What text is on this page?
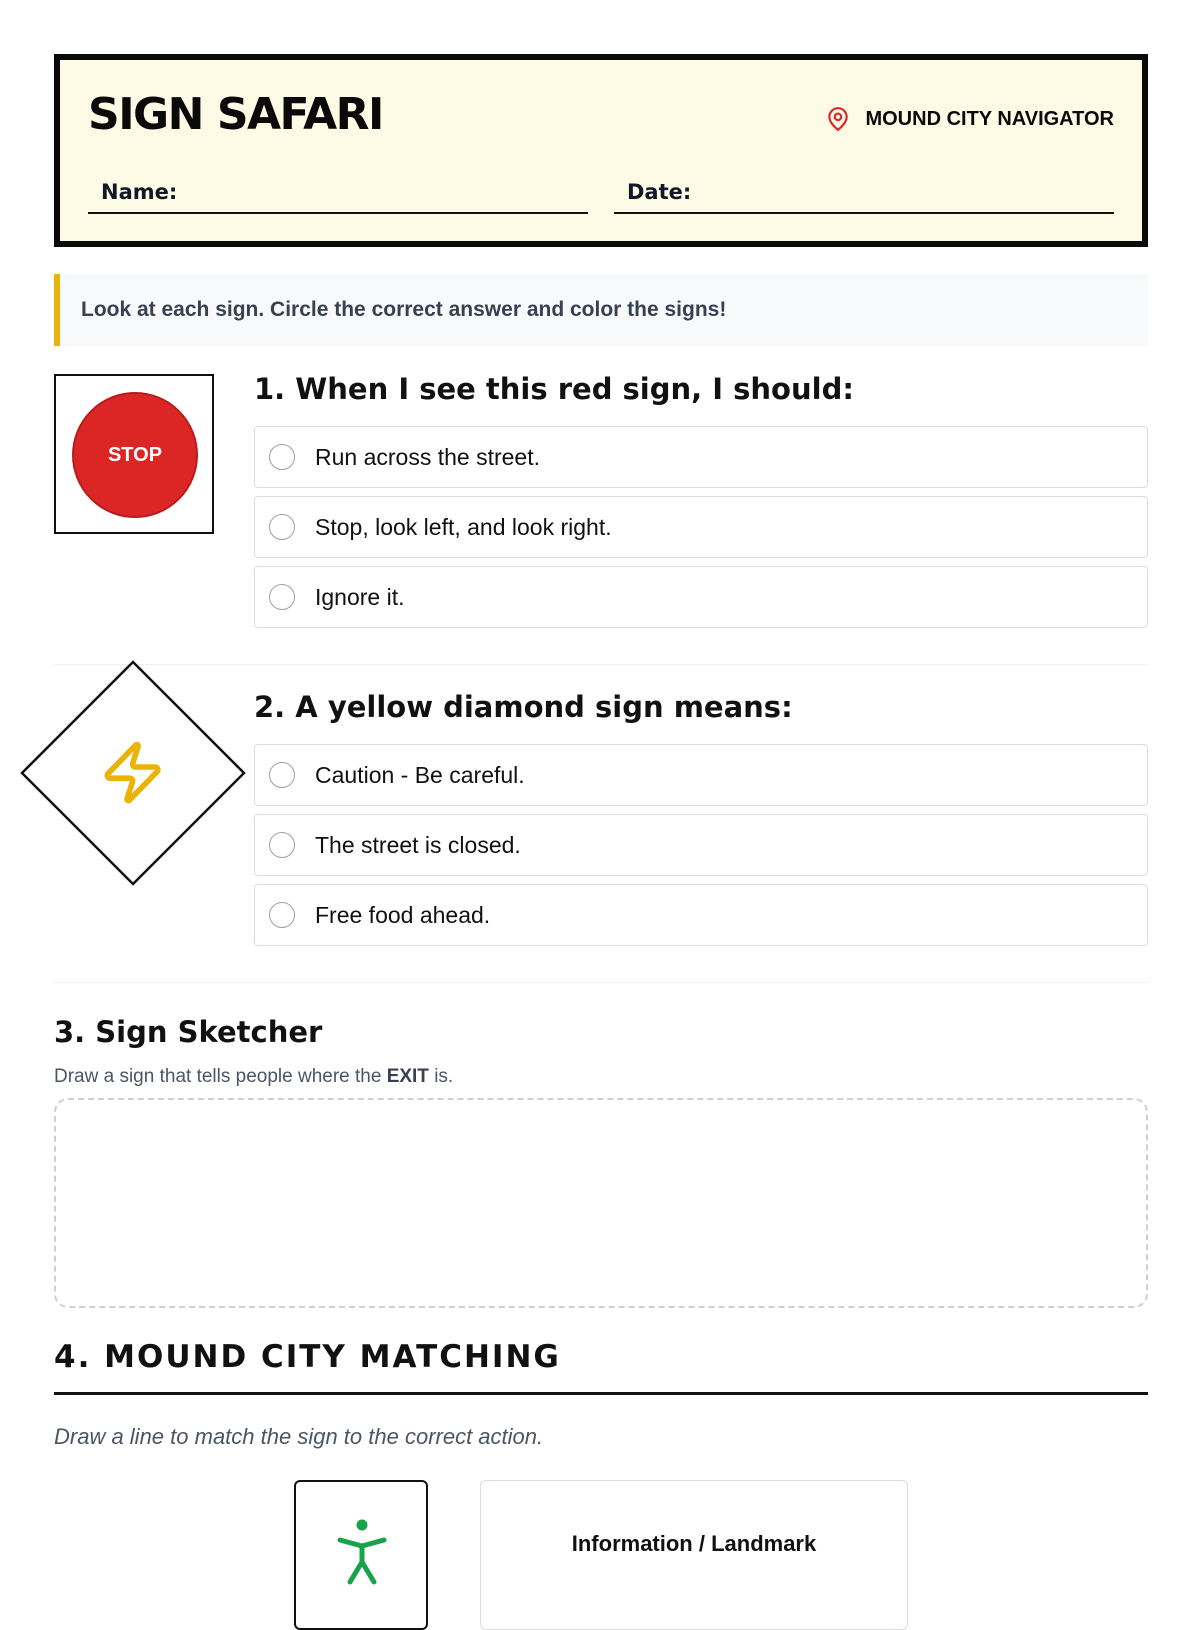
SIGN SAFARI	MOUND CITY NAVIGATOR
Name:	Date:
Look at each sign. Circle the correct answer and color the signs!
STOP
1. When I see this red sign, I should:
Run across the street.
Stop, look left, and look right.
Ignore it.
2. A yellow diamond sign means:
Caution - Be careful.
The street is closed.
Free food ahead.
3. Sign Sketcher
Draw a sign that tells people where the EXIT is.
4. MOUND CITY MATCHING
Draw a line to match the sign to the correct action.
Information / Landmark
